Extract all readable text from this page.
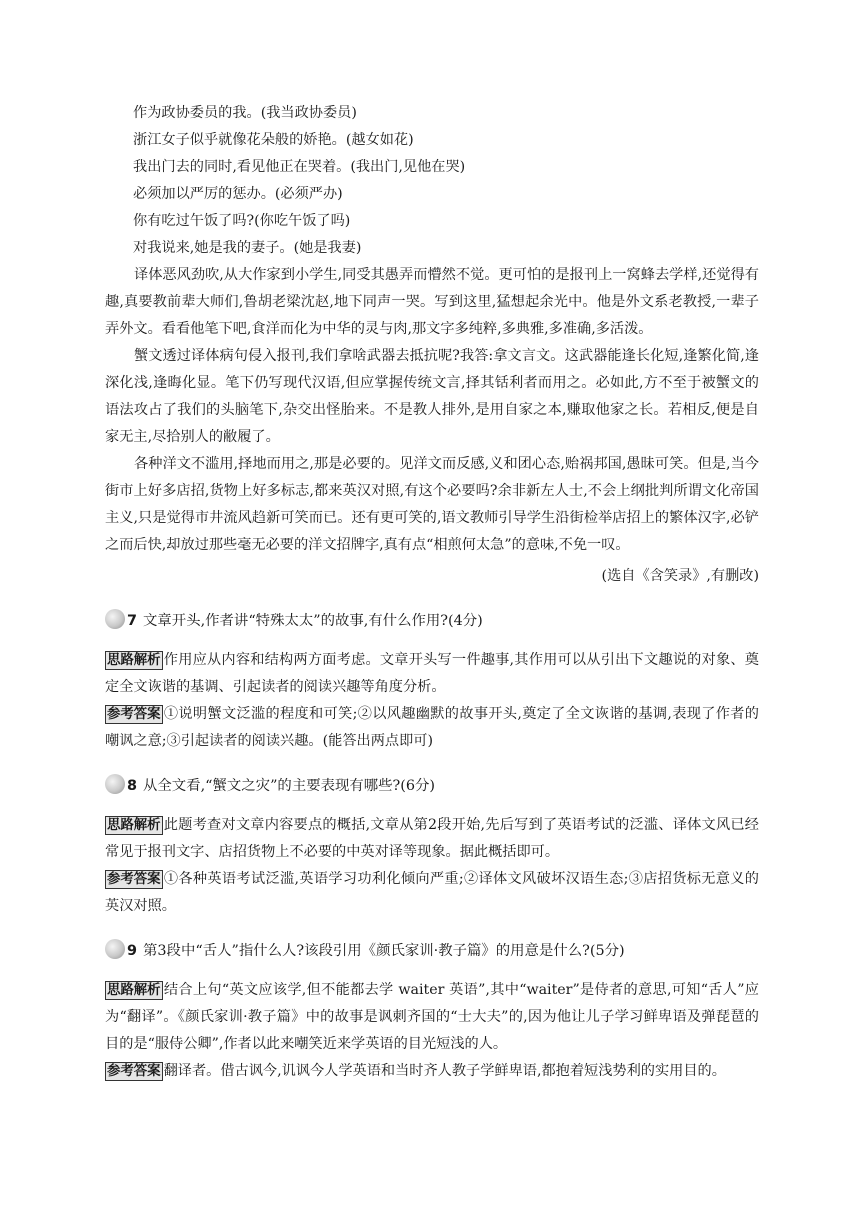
作为政协委员的我。(我当政协委员)

浙江女子似乎就像花朵般的娇艳。(越女如花)

我出门去的同时,看见他正在哭着。(我出门,见他在哭)

必须加以严厉的惩办。(必须严办)

你有吃过午饭了吗?(你吃午饭了吗)

对我说来,她是我的妻子。(她是我妻)

译体恶风劲吹,从大作家到小学生,同受其愚弄而懵然不觉。更可怕的是报刊上一窝蜂去学样,还觉得有趣,真要教前辈大师们,鲁胡老梁沈赵,地下同声一哭。写到这里,猛想起余光中。他是外文系老教授,一辈子弄外文。看看他笔下吧,食洋而化为中华的灵与肉,那文字多纯粹,多典雅,多准确,多活泼。

蟹文透过译体病句侵入报刊,我们拿啥武器去抵抗呢?我答:拿文言文。这武器能逢长化短,逢繁化简,逢深化浅,逢晦化显。笔下仍写现代汉语,但应掌握传统文言,择其铦利者而用之。必如此,方不至于被蟹文的语法攻占了我们的头脑笔下,杂交出怪胎来。不是教人排外,是用自家之本,赚取他家之长。若相反,便是自家无主,尽拾别人的敝履了。

各种洋文不滥用,择地而用之,那是必要的。见洋文而反感,义和团心态,贻祸邦国,愚昧可笑。但是,当今街市上好多店招,货物上好多标志,都来英汉对照,有这个必要吗?余非新左人士,不会上纲批判所谓文化帝国主义,只是觉得市井流风趋新可笑而已。还有更可笑的,语文教师引导学生沿街检举店招上的繁体汉字,必铲之而后快,却放过那些毫无必要的洋文招牌字,真有点“相煎何太急”的意味,不免一叹。

(选自《含笑录》,有删改)

7 文章开头,作者讲“特殊太太”的故事,有什么作用?(4分)

思路解析 作用应从内容和结构两方面考虑。文章开头写一件趣事,其作用可以从引出下文趣说的对象、奠定全文诙谐的基调、引起读者的阅读兴趣等角度分析。

参考答案 ①说明蟹文泛滥的程度和可笑;②以风趣幽默的故事开头,奠定了全文诙谐的基调,表现了作者的嘲讽之意;③引起读者的阅读兴趣。(能答出两点即可)

8 从全文看,“蟹文之灾”的主要表现有哪些?(6分)

思路解析 此题考查对文章内容要点的概括,文章从第2段开始,先后写到了英语考试的泛滥、译体文风已经常见于报刊文字、店招货物上不必要的中英对译等现象。据此概括即可。

参考答案 ①各种英语考试泛滥,英语学习功利化倾向严重;②译体文风破坏汉语生态;③店招货标无意义的英汉对照。

9 第3段中“舌人”指什么人?该段引用《颜氏家训·教子篇》的用意是什么?(5分)

思路解析 结合上句“英文应该学,但不能都去学 waiter 英语”,其中“waiter”是侍者的意思,可知“舌人”应为“翻译”。《颜氏家训·教子篇》中的故事是讽刺齐国的“士大夫”的,因为他让儿子学习鲜卑语及弹琵琶的目的是“服侍公卿”,作者以此来嘲笑近来学英语的目光短浅的人。

参考答案 翻译者。借古讽今,讥讽今人学英语和当时齐人教子学鲜卑语,都抱着短浅势利的实用目的。
